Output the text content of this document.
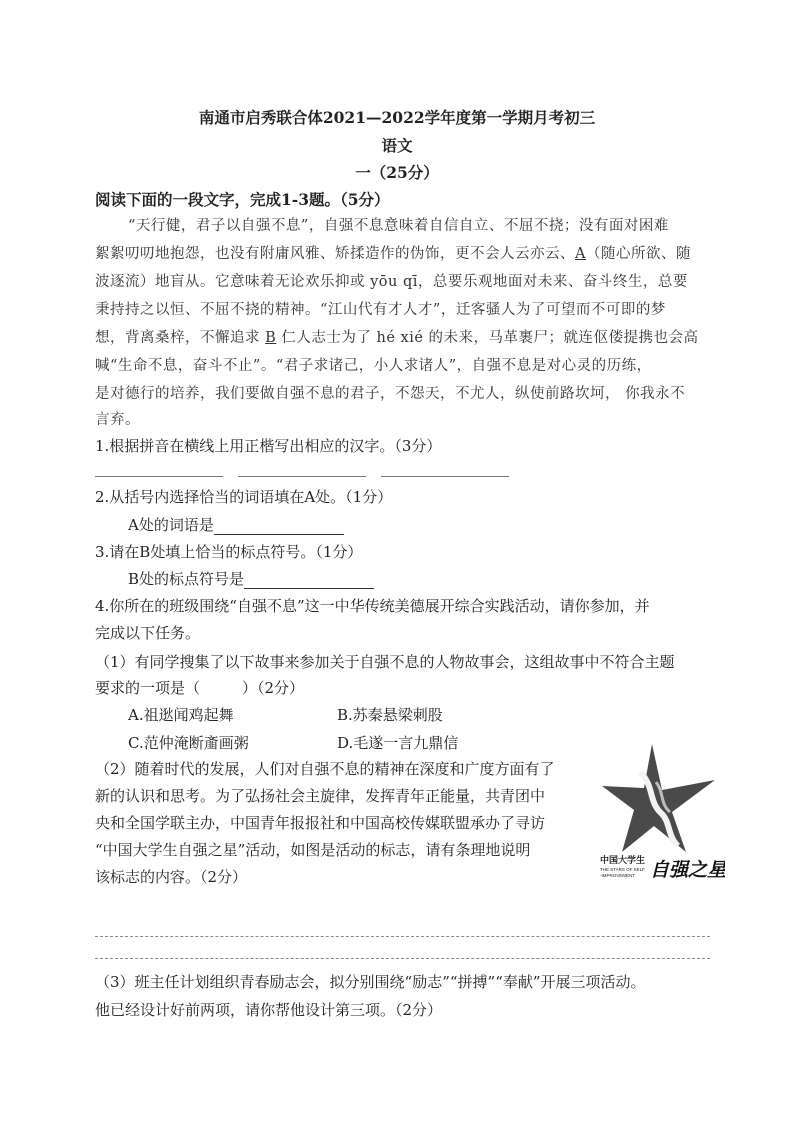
南通市启秀联合体2021—2022学年度第一学期月考初三
语文
一（25分）
阅读下面的一段文字，完成1-3题。（5分）
“天行健，君子以自强不息”，自强不息意味着自信自立、不屈不挠；没有面对困难
絮絮叨叨地抱怨，也没有附庸风雅、矫揉造作的伪饰，更不会人云亦云、A（随心所欲、随
波逐流）地盲从。它意味着无论欢乐抑或 yōu qī，总要乐观地面对未来、奋斗终生，总要
秉持持之以恒、不屈不挠的精神。“江山代有才人才”，迁客骚人为了可望而不可即的梦
想，背离桑梓，不懈追求 B 仁人志士为了 hé xié 的未来，马革裹尸；就连伛偻提携也会高
喊“生命不息，奋斗不止”。“君子求诸己，小人求诸人”，自强不息是对心灵的历练，
是对德行的培养，我们要做自强不息的君子，不怨天，不尤人，纵使前路坎坷， 你我永不
言弃。
1.根据拼音在横线上用正楷写出相应的汉字。（3分）
2.从括号内选择恰当的词语填在A处。（1分）
A处的词语是
3.请在B处填上恰当的标点符号。（1分）
B处的标点符号是
4.你所在的班级围绕“自强不息”这一中华传统美德展开综合实践活动，请你参加，并
完成以下任务。
（1）有同学搜集了以下故事来参加关于自强不息的人物故事会，这组故事中不符合主题
要求的一项是（	）（2分）
A.祖逖闻鸡起舞	B.苏秦悬梁刺股
C.范仲淹断齑画粥	D.毛遂一言九鼎信
（2）随着时代的发展，人们对自强不息的精神在深度和广度方面有了
新的认识和思考。为了弘扬社会主旋律，发挥青年正能量，共青团中
央和全国学联主办，中国青年报报社和中国高校传媒联盟承办了寻访
“中国大学生自强之星”活动，如图是活动的标志，请有条理地说明
该标志的内容。（2分）
中国大学生
THE STARS OF SELF
-IMPROVEMENT 自强之星
（3）班主任计划组织青春励志会，拟分别围绕“励志”“拼搏”“奉献”开展三项活动。
他已经设计好前两项，请你帮他设计第三项。（2分）
